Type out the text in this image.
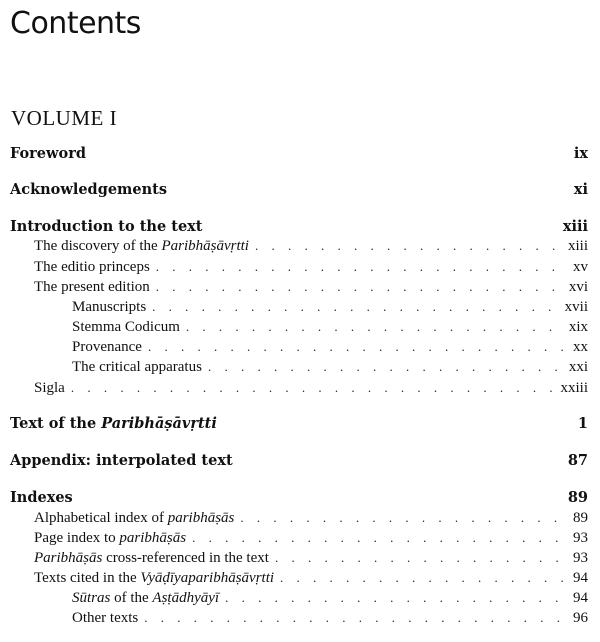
Contents
VOLUME I
Foreword	ix
Acknowledgements	xi
Introduction to the text	xiii
The discovery of the Paribhāṣāvṛtti . . .	xiii
The editio princeps . . .	xv
The present edition . . .	xvi
Manuscripts . . .	xvii
Stemma Codicum . . .	xix
Provenance . . .	xx
The critical apparatus . . .	xxi
Sigla . . .	xxiii
Text of the Paribhāṣāvṛtti	1
Appendix: interpolated text	87
Indexes	89
Alphabetical index of paribhāṣās . . .	89
Page index to paribhāṣās . . .	93
Paribhāṣās cross-referenced in the text . . .	93
Texts cited in the Vyāḍīyaparibhāṣāvṛtti . . .	94
Sūtras of the Aṣṭādhyāyī . . .	94
Other texts . . .	96
